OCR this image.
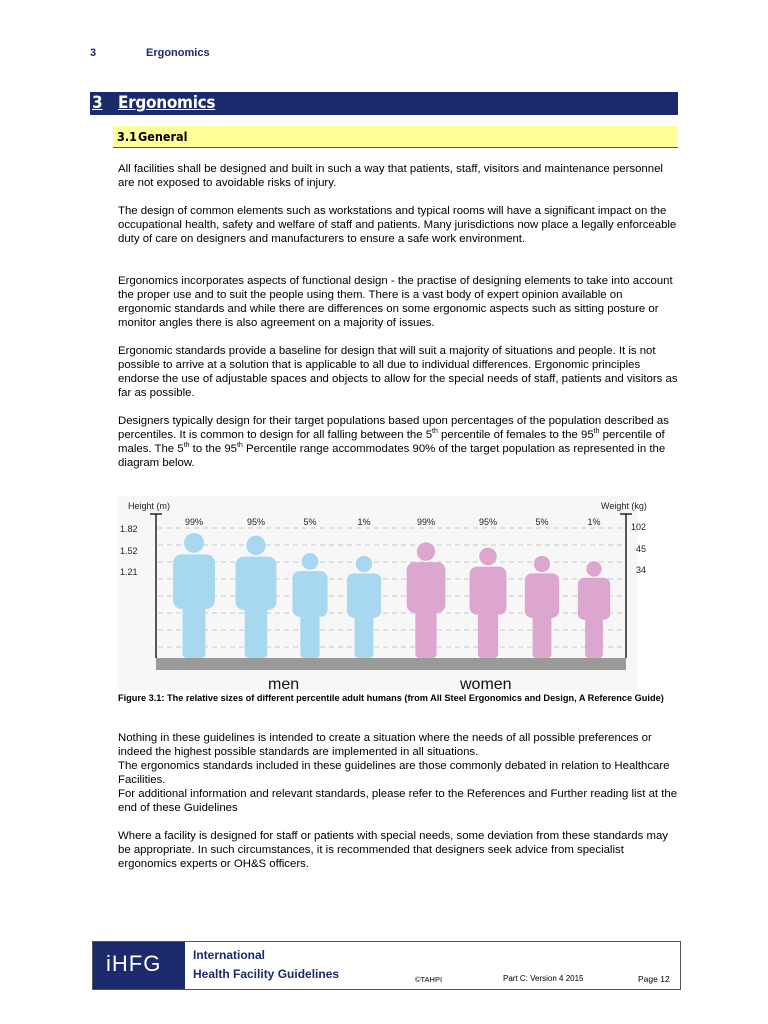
3	Ergonomics
3 Ergonomics
3.1 General

All facilities shall be designed and built in such a way that patients, staff, visitors and maintenance personnel are not exposed to avoidable risks of injury.

The design of common elements such as workstations and typical rooms will have a significant impact on the occupational health, safety and welfare of staff and patients. Many jurisdictions now place a legally enforceable duty of care on designers and manufacturers to ensure a safe work environment.

Ergonomics incorporates aspects of functional design - the practise of designing elements to take into account the proper use and to suit the people using them. There is a vast body of expert opinion available on ergonomic standards and while there are differences on some ergonomic aspects such as sitting posture or monitor angles there is also agreement on a majority of issues.

Ergonomic standards provide a baseline for design that will suit a majority of situations and people. It is not possible to arrive at a solution that is applicable to all due to individual differences. Ergonomic principles endorse the use of adjustable spaces and objects to allow for the special needs of staff, patients and visitors as far as possible.

Designers typically design for their target populations based upon percentages of the population described as percentiles. It is common to design for all falling between the 5th percentile of females to the 95th percentile of males. The 5th to the 95th Percentile range accommodates 90% of the target population as represented in the diagram below.

Height (m)	Weight (kg)
1.82
1.52
1.21
102
45
34
99%	95%	5%	1%	99%	95%	5%	1%
men	women
Figure 3.1: The relative sizes of different percentile adult humans (from All Steel Ergonomics and Design, A Reference Guide)
Nothing in these guidelines is intended to create a situation where the needs of all possible preferences or indeed the highest possible standards are implemented in all situations.
The ergonomics standards included in these guidelines are those commonly debated in relation to Healthcare Facilities.
For additional information and relevant standards, please refer to the References and Further reading list at the end of these Guidelines

Where a facility is designed for staff or patients with special needs, some deviation from these standards may be appropriate. In such circumstances, it is recommended that designers seek advice from specialist ergonomics experts or OH&S officers.

iHFG	International
Health Facility Guidelines	©TAHPI	Part C: Version 4 2015	Page 12
